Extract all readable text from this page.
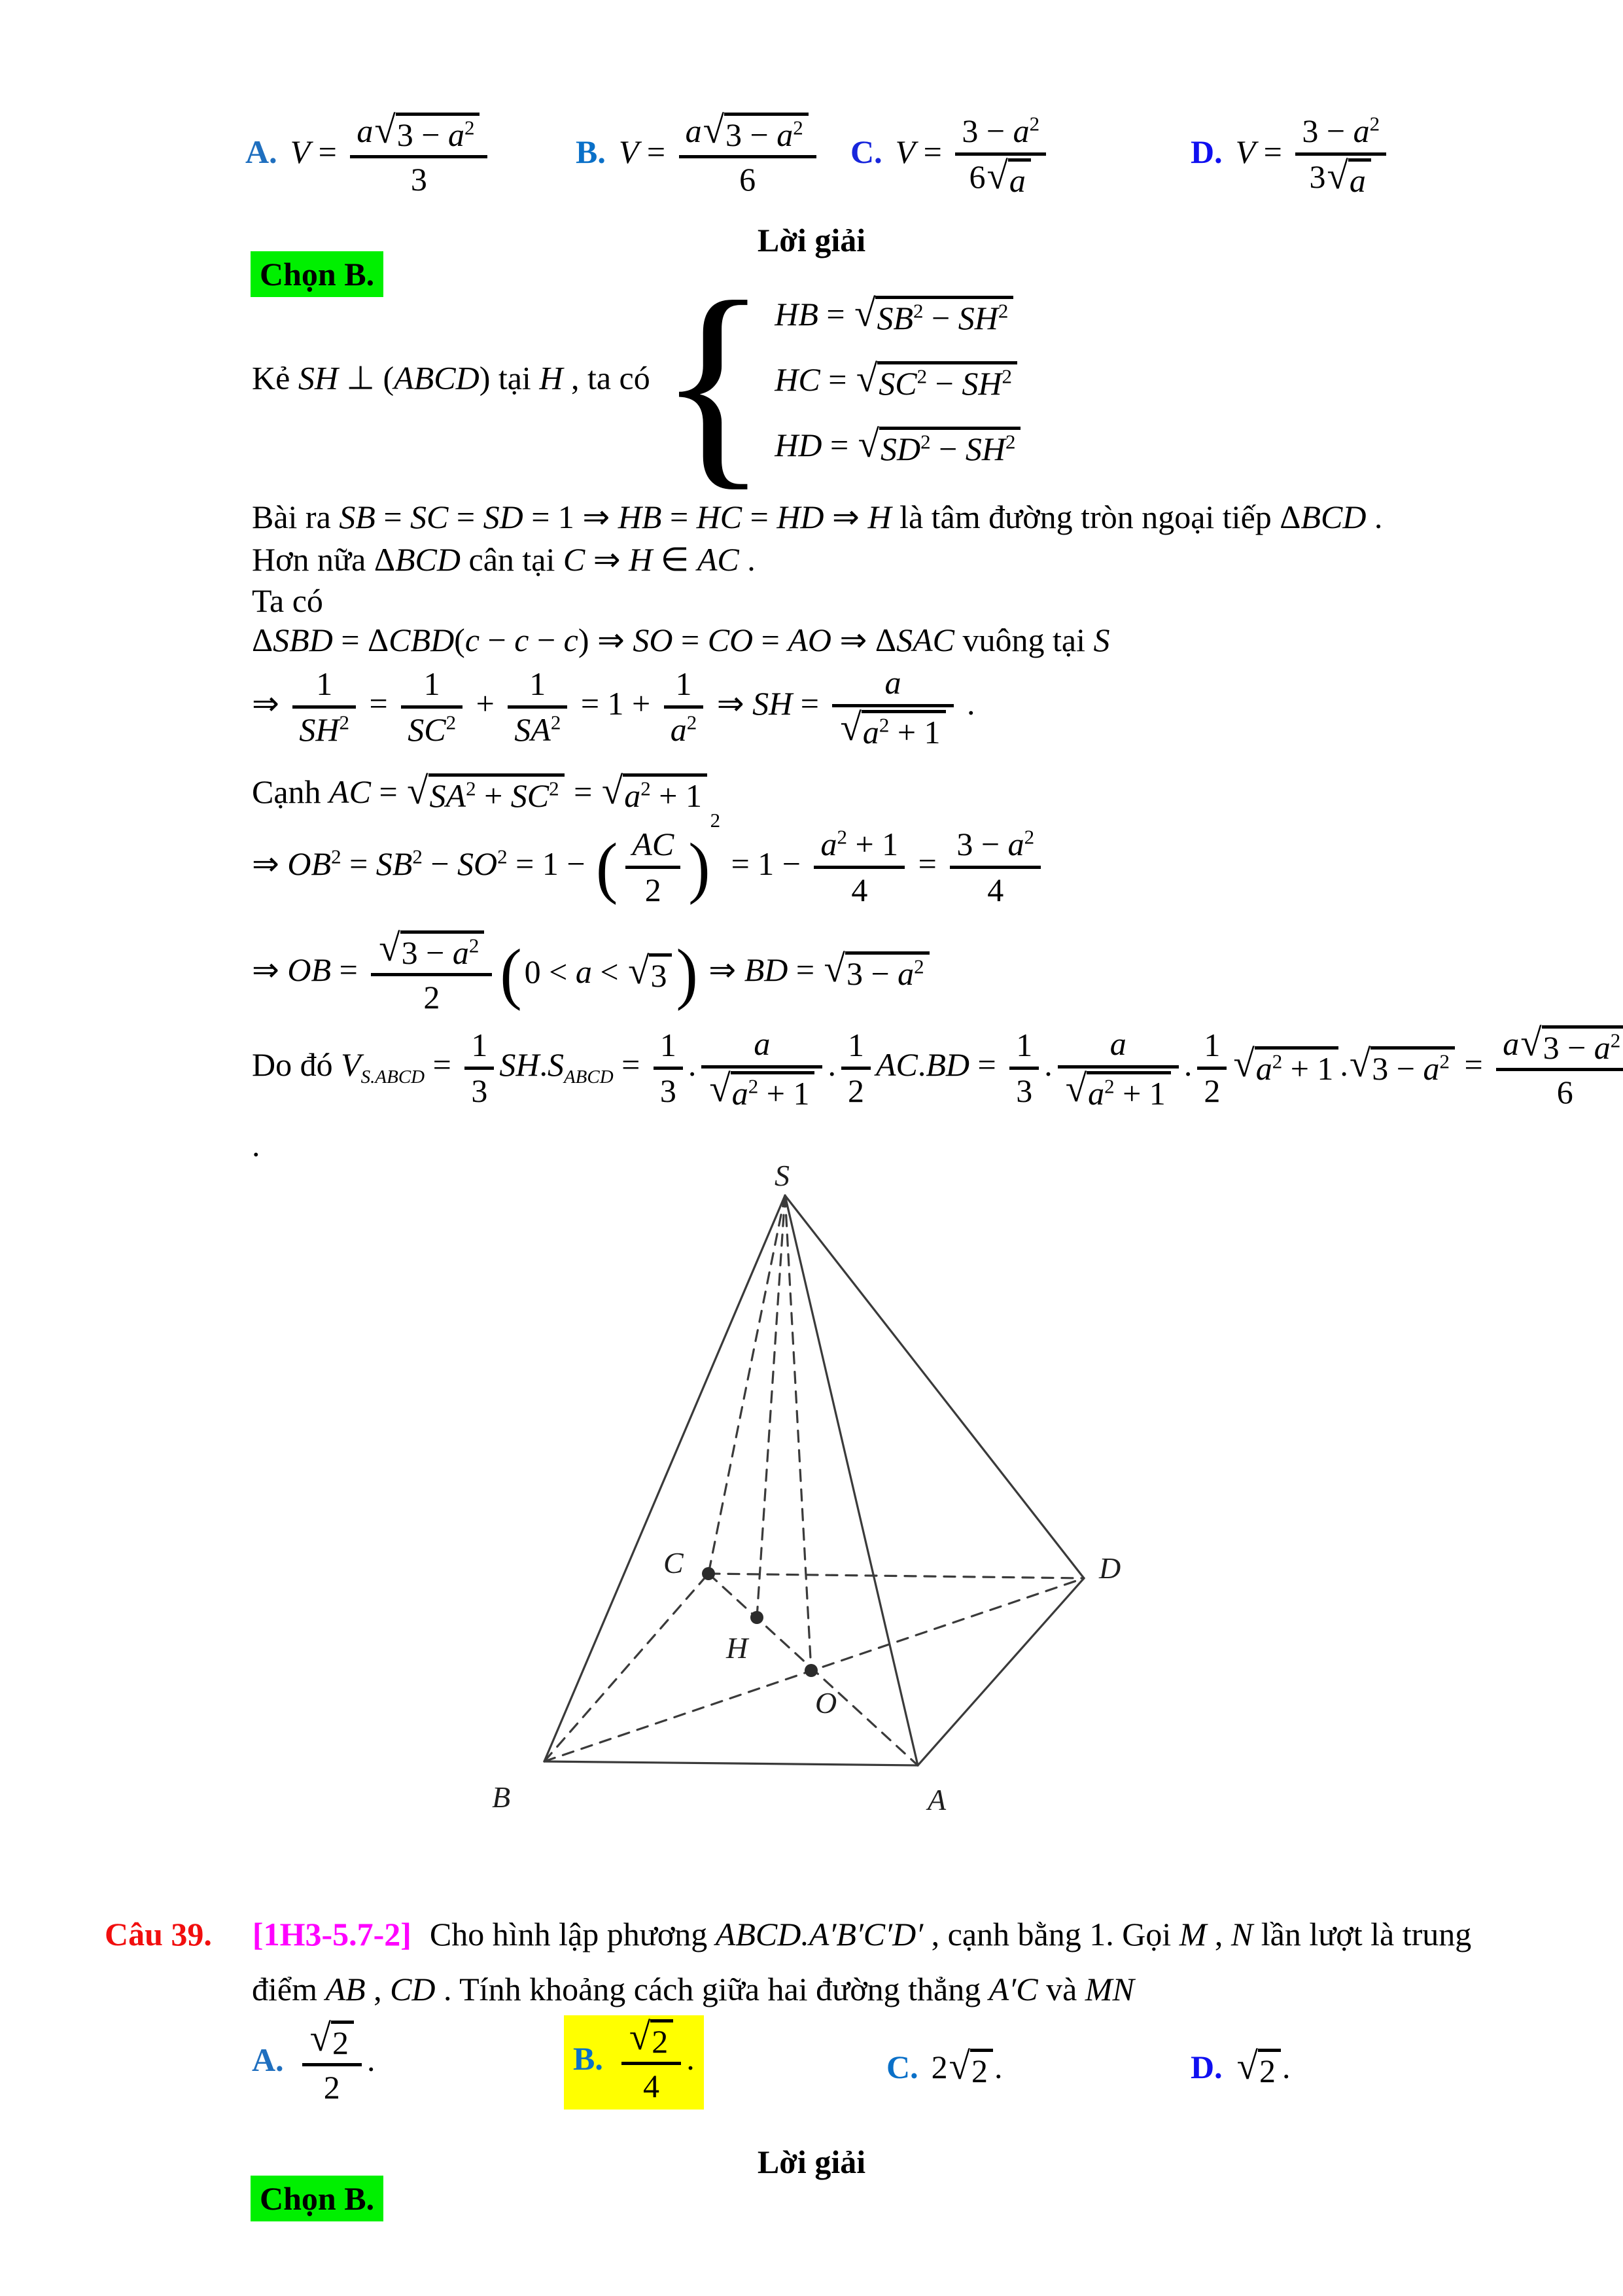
A. $V = \frac{a√3 - a^2}{3}$	B. $V = \frac{a√3 - a^2}{6} C$. $V = \frac{3 - a^2}{6√a}$	D. $V = \frac{3 - a^2}{3√a}$
Lời giải
Chọn B.
Kẻ SH ⊥ (ABCD) tại H , ta có { HB = $√SB^2 - SH^2$
HC = $√SC^2 - SH^2$
HD = $√SD^2 - SH^2$
Bài ra SB = SC = SD = 1 ⇒ HB = HC = HD ⇒ H là tâm đường tròn ngoại tiếp ΔBCD .
Hơn nữa ΔBCD cân tại C ⇒ H ∈ AC .
Ta có
ΔSBD = ΔCBD(c − c − c) ⇒ SO = CO = AO ⇒ ΔSAC vuông tại S
⇒ $\frac{1}{SH^2} = \frac{1}{SC^2} + \frac{1}{SA^2} = 1 + \frac{1}{a^2}$ ⇒ SH = $\frac{a}{√a^2 + 1}$ .
Cạnh AC = $√SA^2 + SC^2 = √a^2 + 1$
⇒ $OB^2 = SB^2 - SO^2 = 1$ − ( $\frac{AC}{2}$ )
2
= $1 - \frac{a^2 + 1}{4} = \frac{3 - a^2}{4}$
⇒ OB = $\frac{√3 - a^2}{2}$ ( 0 < a < √3 ) ⇒ BD = $√3 - a^2$
Do đó $V_{S.ABCD} = \frac{1}{3} SH.S_{ABCD} = \frac{1}{3}$ . $\frac{a}{√a^2 + 1}$ . $\frac{1}{2} AC.BD = \frac{1}{3}$ . $\frac{a}{√a^2 + 1}$ . $\frac{1}{2} √a^2 + 1$ $.√3 - a^2 = \frac{a√3 - a^2}{6}$
.
S
B	A
D
C
H
O
Câu 39. [1H3-5.7-2] Cho hình lập phương ABCD.A′B′C′D′ , cạnh bằng 1. Gọi M , N lần lượt là trung
điểm AB , CD . Tính khoảng cách giữa hai đường thẳng A′C và MN
A. $\frac{√2}{2}$ .	B. $\frac{√2}{4}$ .	C. 2√2 .	D. √2 .
Lời giải
Chọn B.
